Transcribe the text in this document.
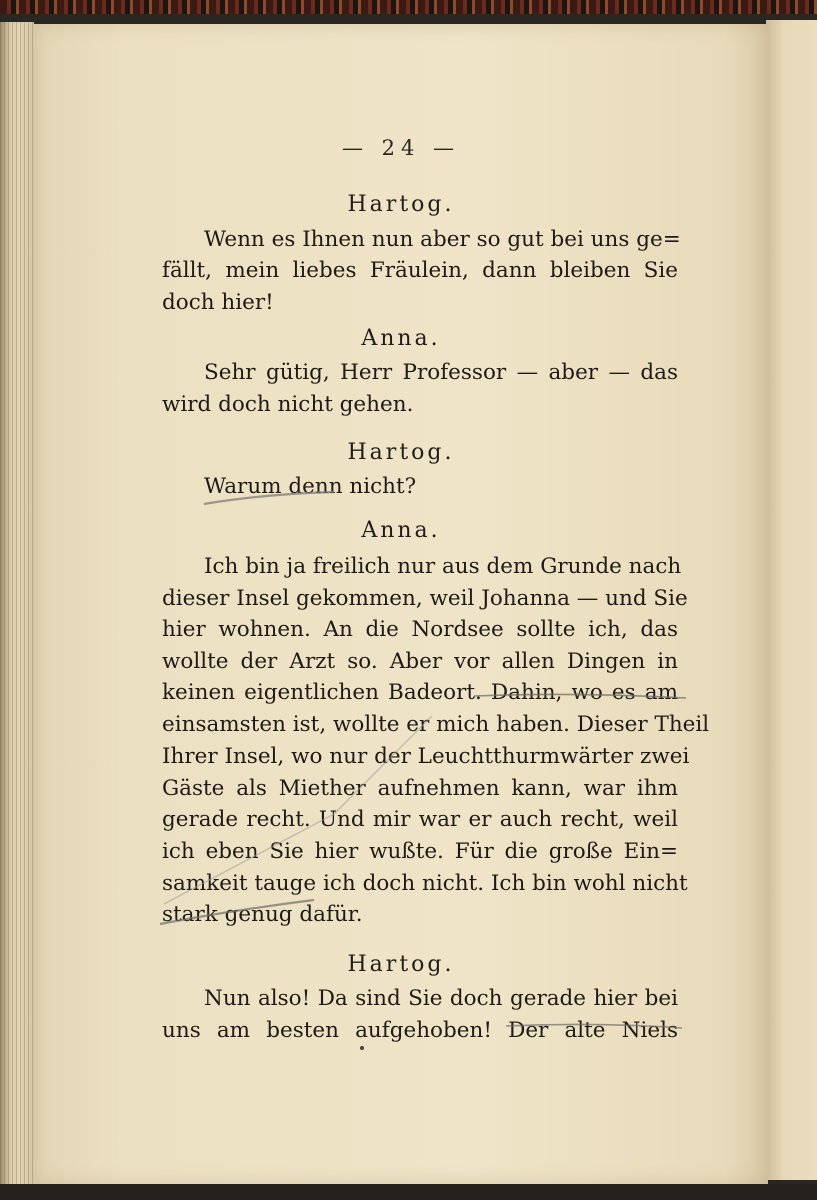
— 24 —
Hartog.
Wenn es Ihnen nun aber so gut bei uns ge=
fällt, mein liebes Fräulein, dann bleiben Sie
doch hier!
Anna.
Sehr gütig, Herr Professor — aber — das
wird doch nicht gehen.
Hartog.
Warum denn nicht?
Anna.
Ich bin ja freilich nur aus dem Grunde nach
dieser Insel gekommen, weil Johanna — und Sie
hier wohnen. An die Nordsee sollte ich, das
wollte der Arzt so. Aber vor allen Dingen in
keinen eigentlichen Badeort. Dahin, wo es am
einsamsten ist, wollte er mich haben. Dieser Theil
Ihrer Insel, wo nur der Leuchtthurmwärter zwei
Gäste als Miether aufnehmen kann, war ihm
gerade recht. Und mir war er auch recht, weil
ich eben Sie hier wußte. Für die große Ein=
samkeit tauge ich doch nicht. Ich bin wohl nicht
stark genug dafür.
Hartog.
Nun also! Da sind Sie doch gerade hier bei
uns am besten aufgehoben! Der alte Niels
